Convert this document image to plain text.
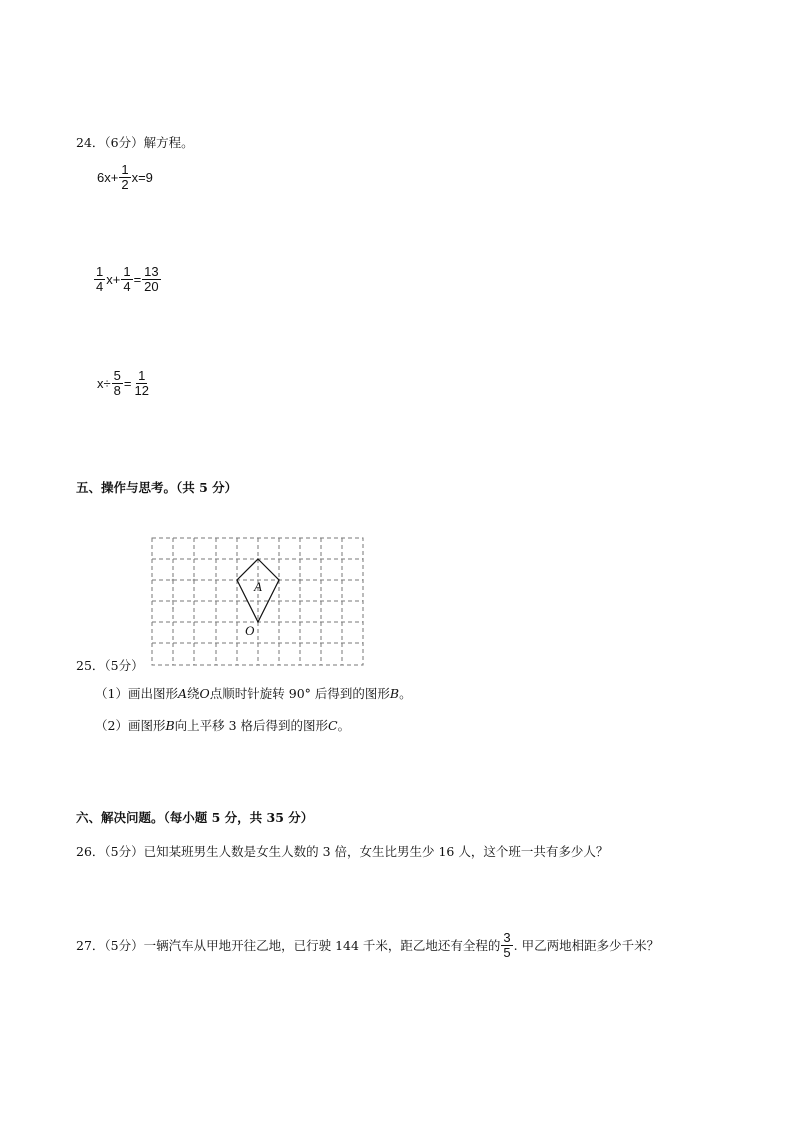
24．（6分）解方程。
$6x+ \frac{1}{2} x=9$
$\frac{1}{4} x+ \frac{1}{4} = \frac{13}{20}$
$x\div \frac{5}{8} = \frac{1}{12}$
五、操作与思考。（共 5 分）
A
O
25．（5分）
（1）画出图形A绕O点顺时针旋转 90° 后得到的图形B。
（2）画图形B向上平移 3 格后得到的图形C。
六、解决问题。（每小题 5 分，共 35 分）
26．（5分）已知某班男生人数是女生人数的 3 倍，女生比男生少 16 人，这个班一共有多少人？
27．（5分）一辆汽车从甲地开往乙地，已行驶 144 千米，距乙地还有全程的 $\frac{3}{5}$ . 甲乙两地相距多少千米？
